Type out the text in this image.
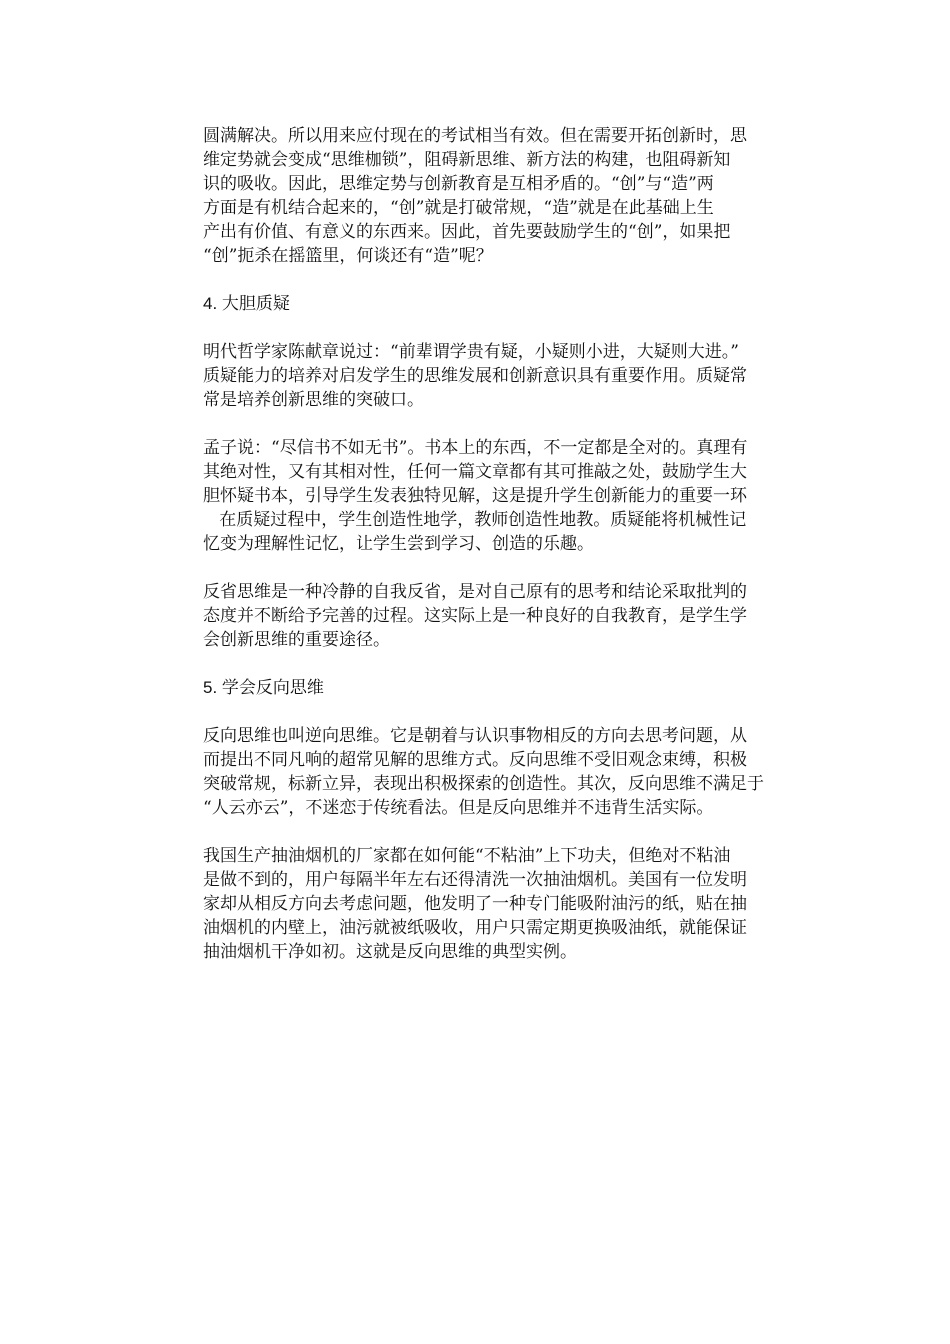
圆满解决。所以用来应付现在的考试相当有效。但在需要开拓创新时，思
维定势就会变成“思维枷锁”，阻碍新思维、新方法的构建，也阻碍新知
识的吸收。因此，思维定势与创新教育是互相矛盾的。“创”与“造”两
方面是有机结合起来的，“创”就是打破常规，“造”就是在此基础上生
产出有价值、有意义的东西来。因此，首先要鼓励学生的“创”，如果把
“创”扼杀在摇篮里，何谈还有“造”呢？
4. 大胆质疑
明代哲学家陈献章说过：“前辈谓学贵有疑，小疑则小进，大疑则大进。”
质疑能力的培养对启发学生的思维发展和创新意识具有重要作用。质疑常
常是培养创新思维的突破口。
孟子说：“尽信书不如无书”。书本上的东西，不一定都是全对的。真理有
其绝对性，又有其相对性，任何一篇文章都有其可推敲之处，鼓励学生大
胆怀疑书本，引导学生发表独特见解，这是提升学生创新能力的重要一环
在质疑过程中，学生创造性地学，教师创造性地教。质疑能将机械性记
忆变为理解性记忆，让学生尝到学习、创造的乐趣。
反省思维是一种冷静的自我反省，是对自己原有的思考和结论采取批判的
态度并不断给予完善的过程。这实际上是一种良好的自我教育，是学生学
会创新思维的重要途径。
5. 学会反向思维
反向思维也叫逆向思维。它是朝着与认识事物相反的方向去思考问题，从
而提出不同凡响的超常见解的思维方式。反向思维不受旧观念束缚，积极
突破常规，标新立异，表现出积极探索的创造性。其次，反向思维不满足于
“人云亦云”，不迷恋于传统看法。但是反向思维并不违背生活实际。
我国生产抽油烟机的厂家都在如何能“不粘油”上下功夫，但绝对不粘油
是做不到的，用户每隔半年左右还得清洗一次抽油烟机。美国有一位发明
家却从相反方向去考虑问题，他发明了一种专门能吸附油污的纸，贴在抽
油烟机的内壁上，油污就被纸吸收，用户只需定期更换吸油纸，就能保证
抽油烟机干净如初。这就是反向思维的典型实例。
